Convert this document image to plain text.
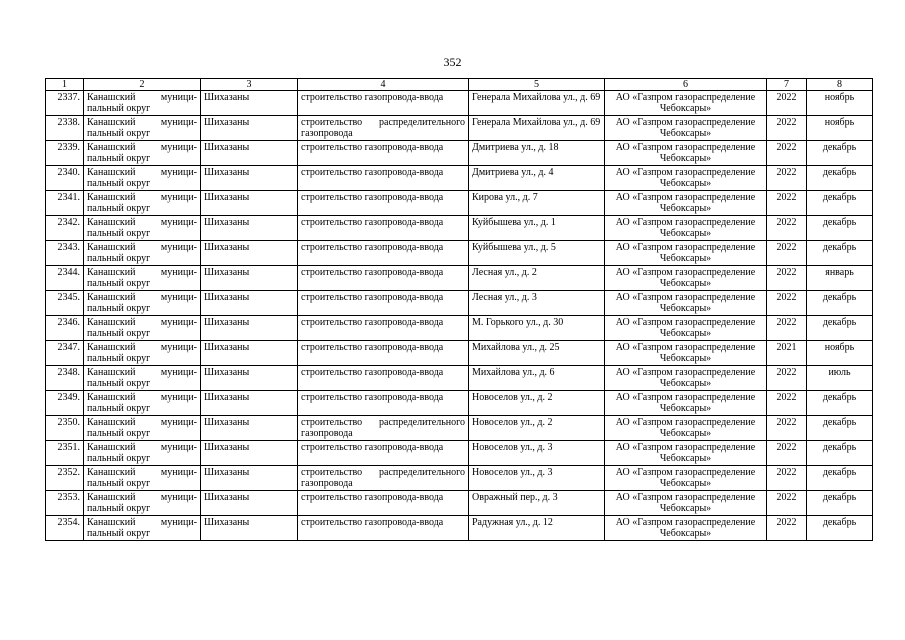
352
1	2	3	4	5	6	7	8
2337.	Канашский муници-пальный округ	Шихазаны	строительство газопровода-ввода	Генерала Михайлова ул., д. 69	АО «Газпром газораспределение Чебоксары»	2022	ноябрь
2338.	Канашский муници-пальный округ	Шихазаны	строительство распределительного газопровода	Генерала Михайлова ул., д. 69	АО «Газпром газораспределение Чебоксары»	2022	ноябрь
2339.	Канашский муници-пальный округ	Шихазаны	строительство газопровода-ввода	Дмитриева ул., д. 18	АО «Газпром газораспределение Чебоксары»	2022	декабрь
2340.	Канашский муници-пальный округ	Шихазаны	строительство газопровода-ввода	Дмитриева ул., д. 4	АО «Газпром газораспределение Чебоксары»	2022	декабрь
2341.	Канашский муници-пальный округ	Шихазаны	строительство газопровода-ввода	Кирова ул., д. 7	АО «Газпром газораспределение Чебоксары»	2022	декабрь
2342.	Канашский муници-пальный округ	Шихазаны	строительство газопровода-ввода	Куйбышева ул., д. 1	АО «Газпром газораспределение Чебоксары»	2022	декабрь
2343.	Канашский муници-пальный округ	Шихазаны	строительство газопровода-ввода	Куйбышева ул., д. 5	АО «Газпром газораспределение Чебоксары»	2022	декабрь
2344.	Канашский муници-пальный округ	Шихазаны	строительство газопровода-ввода	Лесная ул., д. 2	АО «Газпром газораспределение Чебоксары»	2022	январь
2345.	Канашский муници-пальный округ	Шихазаны	строительство газопровода-ввода	Лесная ул., д. 3	АО «Газпром газораспределение Чебоксары»	2022	декабрь
2346.	Канашский муници-пальный округ	Шихазаны	строительство газопровода-ввода	М. Горького ул., д. 30	АО «Газпром газораспределение Чебоксары»	2022	декабрь
2347.	Канашский муници-пальный округ	Шихазаны	строительство газопровода-ввода	Михайлова ул., д. 25	АО «Газпром газораспределение Чебоксары»	2021	ноябрь
2348.	Канашский муници-пальный округ	Шихазаны	строительство газопровода-ввода	Михайлова ул., д. 6	АО «Газпром газораспределение Чебоксары»	2022	июль
2349.	Канашский муници-пальный округ	Шихазаны	строительство газопровода-ввода	Новоселов ул., д. 2	АО «Газпром газораспределение Чебоксары»	2022	декабрь
2350.	Канашский муници-пальный округ	Шихазаны	строительство распределительного газопровода	Новоселов ул., д. 2	АО «Газпром газораспределение Чебоксары»	2022	декабрь
2351.	Канашский муници-пальный округ	Шихазаны	строительство газопровода-ввода	Новоселов ул., д. 3	АО «Газпром газораспределение Чебоксары»	2022	декабрь
2352.	Канашский муници-пальный округ	Шихазаны	строительство распределительного газопровода	Новоселов ул., д. 3	АО «Газпром газораспределение Чебоксары»	2022	декабрь
2353.	Канашский муници-пальный округ	Шихазаны	строительство газопровода-ввода	Овражный пер., д. 3	АО «Газпром газораспределение Чебоксары»	2022	декабрь
2354.	Канашский муници-пальный округ	Шихазаны	строительство газопровода-ввода	Радужная ул., д. 12	АО «Газпром газораспределение Чебоксары»	2022	декабрь
